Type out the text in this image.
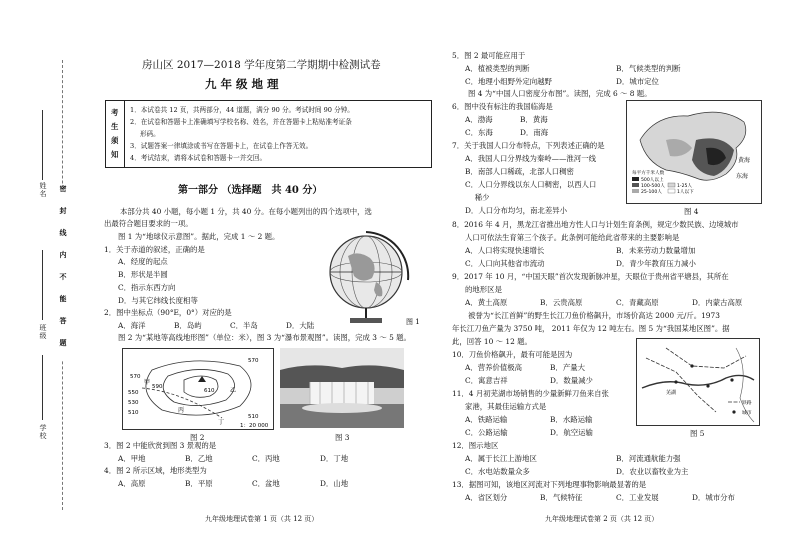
姓名
班级
学校
密
封
线
内
不
能
答
题
房山区 2017—2018 学年度第二学期期中检测试卷
九 年 级 地 理
考
生
须
知
1．本试卷共 12 页，共两部分，44 道题，满分 90 分。考试时间 90 分钟。
2．在试卷和答题卡上准确填写学校名称、姓名，并在答题卡上粘贴准考证条
形码。
3．试题答案一律填涂或书写在答题卡上，在试卷上作答无效。
4．考试结束，请将本试卷和答题卡一并交回。
第一部分 （选择题　共 40 分）
本部分共 40 小题，每小题 1 分，共 40 分。在每小题列出的四个选项中，选
出最符合题目要求的一项。
图 1 为“地球仪示意图”。据此，完成 1 ～ 2 题。
1．关于赤道的叙述，正确的是
A．经度的起点
B．形状是半圆
C．指示东西方向
D．与其它纬线长度相等
2．图中坐标点（90°E，0°）对应的是
A．海洋	B．岛屿	C．半岛	D．大陆	图 1
图 2 为“某地等高线地形图”（单位：米），图 3 为“瀑布景观图”。读图，完成 3 ～ 5 题。
570
590
610
550
530
510
570
510
甲
乙
丙
丁	1：20 000
图 2	图 3
3．图 2 中能欣赏到图 3 景观的是
A．甲地	B．乙地	C．丙地	D．丁地
4．图 2 所示区域，地形类型为
A．高原	B．平原	C．盆地	D．山地
九年级地理试卷第 1 页（共 12 页）
5．图 2 最可能应用于
A．植被类型的判断	B．气候类型的判断
C．地理小组野外定向越野	D．城市定位
图 4 为“中国人口密度分布图”。读图，完成 6 ～ 8 题。
6．图中没有标注的我国临海是
A．渤海	B．黄海
C．东海	D．南海
7．关于我国人口分布特点，下列表述正确的是
A．我国人口分界线为秦岭——淮河一线
B．南部人口稀疏，北部人口稠密
C．人口分界线以东人口稠密，以西人口
　 稀少
D．人口分布均匀，南北差异小
黄海
东海
每平方千米人数
500人以上
100-500人
25-100人
1-25人
1人以下
图 4
8．2016 年 4 月，黑龙江省推出地方性人口与计划生育条例，规定少数民族、边境城市
人口可依法生育第三个孩子。此条例可能给此省带来的主要影响是
A．人口将实现快速增长	B．未来劳动力数量增加
C．人口向其他省市流动	D．青少年教育压力减小
9．2017 年 10 月，“中国天眼”首次发现新脉冲星，天眼位于贵州省平塘县，其所在
的地形区是
A．黄土高原	B．云贵高原	C．青藏高原	D．内蒙古高原
被誉为“长江首鲜”的野生长江刀鱼价格飙升，市场价高达 2000 元/斤。1973
年长江刀鱼产量为 3750 吨， 2011 年仅为 12 吨左右。图 5 为“我国某地区图”。据
此，回答 10 ～ 12 题。
10．刀鱼价格飙升，最有可能是因为
A．营养价值极高	B．产量大
C．寓意吉祥	D．数量减少
11．4 月初芜湖市场销售的少量新鲜刀鱼来自张
家港，其最佳运输方式是
A．铁路运输	B．水路运输
C．公路运输	D．航空运输
芜湖
铁路
城市
图 5
12．图示地区
A．属于长江上游地区	B．河流通航能力强
C．水电站数量众多	D．农业以畜牧业为主
13．据图可知，该地区河流对下列地理事物影响最显著的是
A．省区划分	B．气候特征	C．工业发展	D．城市分布
九年级地理试卷第 2 页（共 12 页）
